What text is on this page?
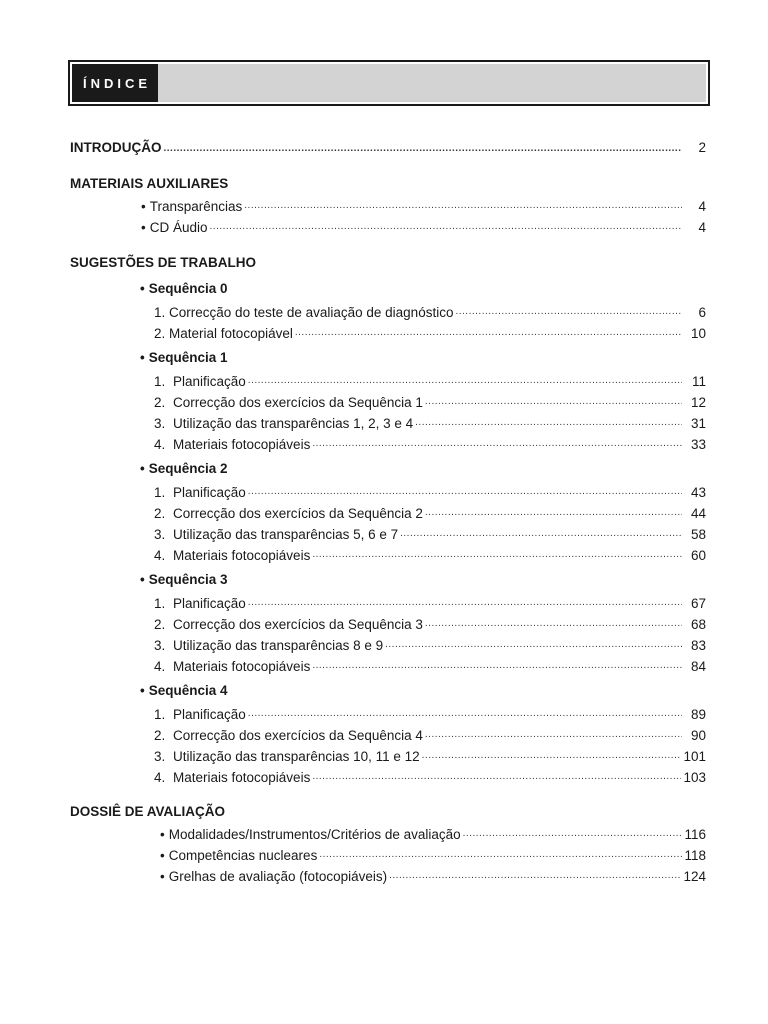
ÍNDICE
INTRODUÇÃO .....	2
MATERIAIS AUXILIARES
• Transparências .....	4
• CD Áudio .....	4
SUGESTÕES DE TRABALHO
• Sequência 0
1. Correcção do teste de avaliação de diagnóstico .....	6
2. Material fotocopiável .....	10
• Sequência 1
1. Planificação .....	11
2. Correcção dos exercícios da Sequência 1 .....	12
3. Utilização das transparências 1, 2, 3 e 4 .....	31
4. Materiais fotocopiáveis .....	33
• Sequência 2
1. Planificação .....	43
2. Correcção dos exercícios da Sequência 2 .....	44
3. Utilização das transparências 5, 6 e 7 .....	58
4. Materiais fotocopiáveis .....	60
• Sequência 3
1. Planificação .....	67
2. Correcção dos exercícios da Sequência 3 .....	68
3. Utilização das transparências 8 e 9 .....	83
4. Materiais fotocopiáveis .....	84
• Sequência 4
1. Planificação .....	89
2. Correcção dos exercícios da Sequência 4 .....	90
3. Utilização das transparências 10, 11 e 12 .....	101
4. Materiais fotocopiáveis .....	103
DOSSIÊ DE AVALIAÇÃO
• Modalidades/Instrumentos/Critérios de avaliação .....	116
• Competências nucleares .....	118
• Grelhas de avaliação (fotocopiáveis) .....	124
